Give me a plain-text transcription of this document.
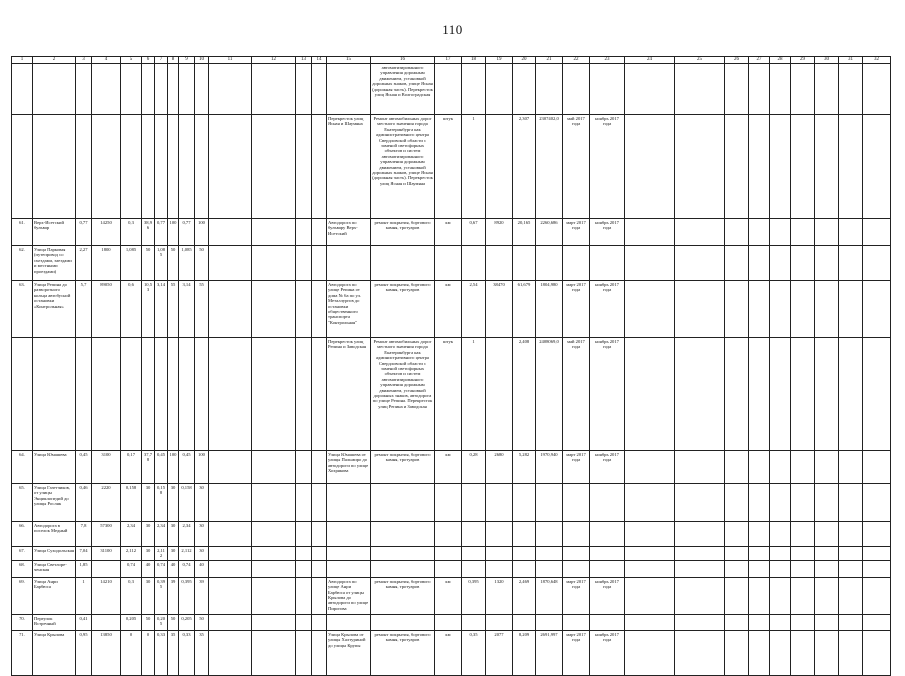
110
1	2	3	4	5	6	7	8	9	10	11	12	13	14	15	16	17	18	19	20	21	22	23	24	25	26	27	28	29	30	31	32
															автоматизированного управления дорожным движением, установкой дорожных знаков, улице Ясная (дорожная часть). Перекресток улиц Ясная и Волгоградская																
														Перекресток улиц Ясная и Шаумяна	Ремонт автомобильных дорог местного значения города Екатеринбурга как административного центра Свердловской области с заменой светофорных объектов и систем автоматизированного управления дорожным движением, установкой дорожных знаков, улице Ясная (дорожная часть). Перекресток улиц Ясная и Шаумяна	штук	1		2,307	2307402,0	май 2017 года	ноябрь 2017 года									
61.	Верх-Исетский бульвар	0,77	14250	0,3	38,96	0,77	100	0,77	100					Автодорога по бульвару Верх-Исетский	ремонт покрытия, бортового камня, тротуаров	км	0,67	8920	20,165	2260,686	март 2017 года	ноябрь 2017 года									
62.	Улица Парковая (путепровод со съездами, заездами и местными проездами)	2,27	1800	1,085	50	1,085	50	1,085	50																						
63.	Улица Репина до разворотного кольца автобусной остановки «Контрольная»	5,7	89050	0,6	10,53	3,14	55	3,14	55					Автодорога по улице Репина от дома № 6а по ул. Металлургов до остановки общественного транспорта "Контрольная"	ремонт покрытия, бортового камня, тротуаров	км	2,54	38470	61,679	1804,980	март 2017 года	ноябрь 2017 года									
														Перекресток улиц Репина и Заводская	Ремонт автомобильных дорог местного значения города Екатеринбурга как административного центра Свердловской области с заменой светофорных объектов и систем автоматизированного управления дорожным движением, установкой дорожных знаков, автодорога по улице Репина. Перекресток улиц Репина и Заводская	штук	1		2,408	2408069,0	май 2017 года	ноябрь 2017 года									
64.	Улица Юмашева	0,45	3100	0,17	37,78	0,45	100	0,45	100					Улица Юмашева от улицы Пальмиро до автодороги по улице Хохрякова	ремонт покрытия, бортового камня, тротуаров	км	0,28	2680	5,282	1970,940	март 2017 года	ноябрь 2017 года									
65.	Улица Газетчиков, от улицы Энциклопедий до улицы Росляк	0,46	2220	0,158	30	0,158	30	0,158	30																						
66.	Автодорога в поселок Медный	7,8	57300	2,34	30	2,34	30	2,34	30																						
67.	Улица Суходольская	7,04	31100	2,112	30	2,112	30	2,112	30																						
68.	Улица Светлоре-ченская	1,85		0,74	40	0,74	40	0,74	40																						
69.	Улица Анри Барбюса	1	14210	0,3	30	0,395	39	0,395	39					Автодорога по улице Анри Барбюса от улицы Крылова до автодороги по улице Пирогова	ремонт покрытия, бортового камня, тротуаров	км	0,395	1320	2,469	1870,648	март 2017 года	ноябрь 2017 года									
70.	Переулок Встречный	0,41		0,205	50	0,205	50	0,205	50																						
71.	Улица Крылова	0,95	13850	0	0	0,33	35	0,33	35					Улица Крылова от улицы Халтуриной до улицы Крупы	ремонт покрытия, бортового камня, тротуаров	км	0,35	2077	8,209	2691,997	март 2017 года	ноябрь 2017 года									
